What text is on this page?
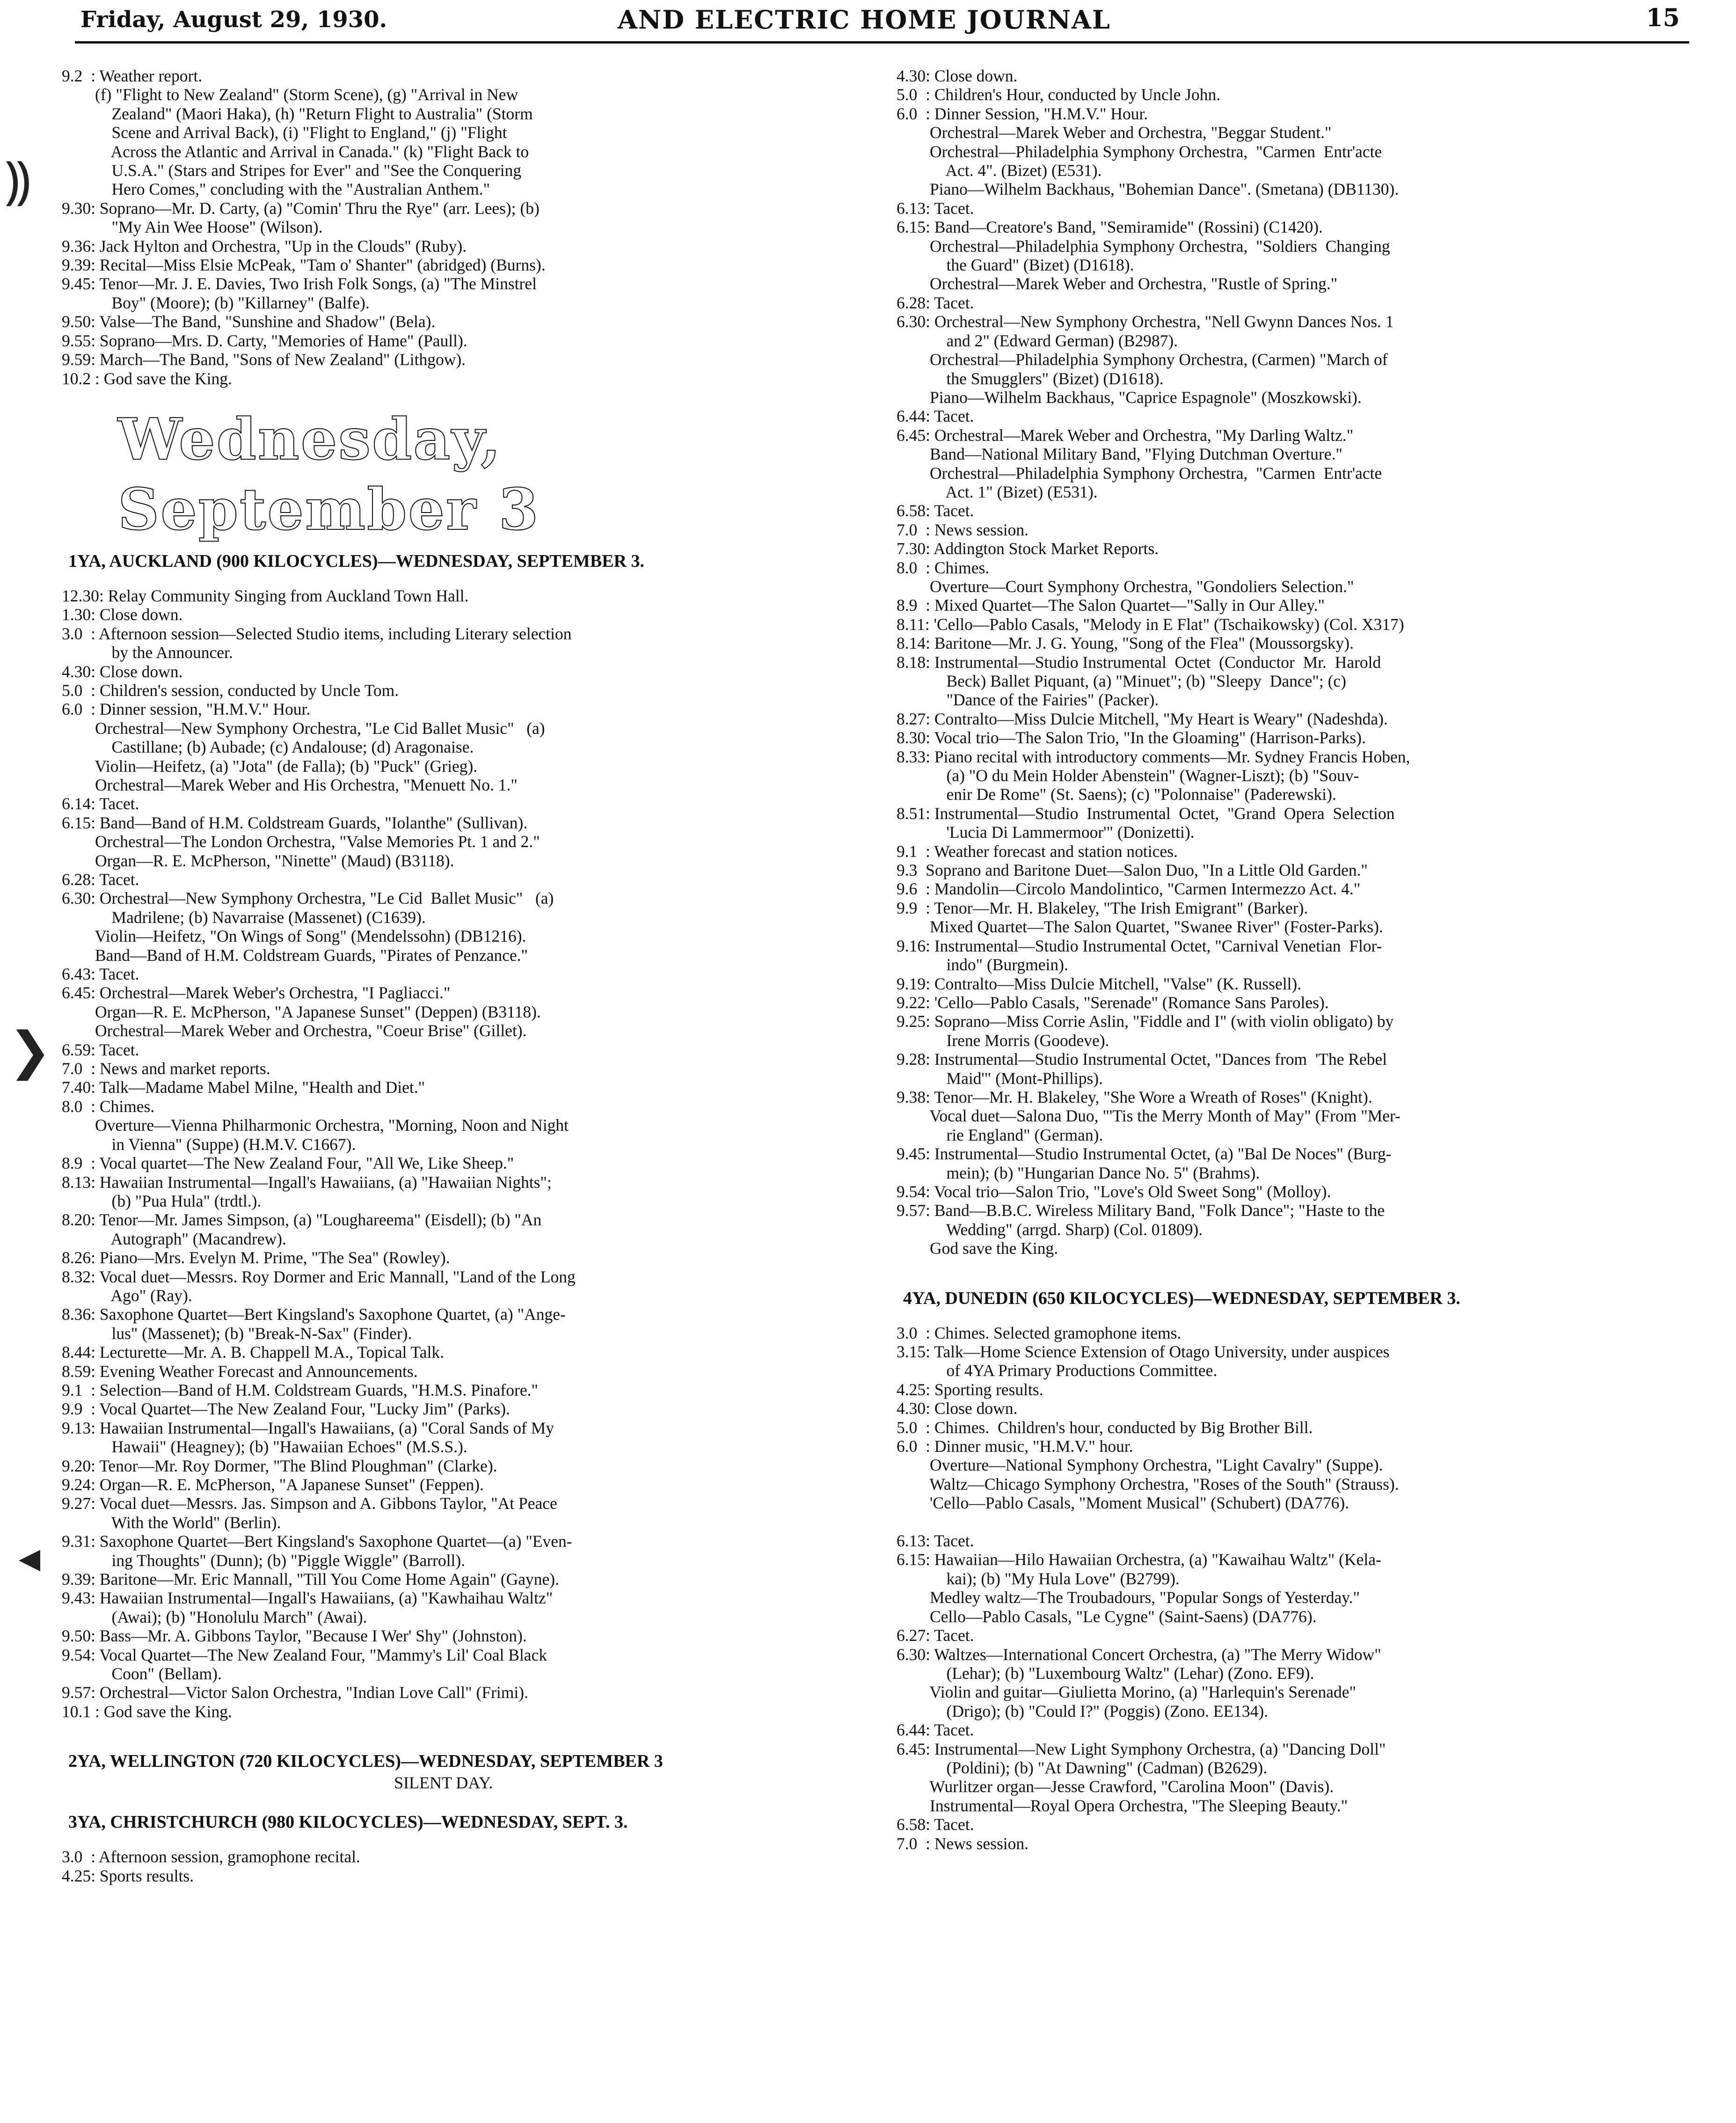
Friday, August 29, 1930.	AND ELECTRIC HOME JOURNAL	15
⸩
❯
◀
9.2  : Weather report.
(f) "Flight to New Zealand" (Storm Scene), (g) "Arrival in New
Zealand" (Maori Haka), (h) "Return Flight to Australia" (Storm
Scene and Arrival Back), (i) "Flight to England," (j) "Flight
Across the Atlantic and Arrival in Canada." (k) "Flight Back to
U.S.A." (Stars and Stripes for Ever" and "See the Conquering
Hero Comes," concluding with the "Australian Anthem."
9.30: Soprano—Mr. D. Carty, (a) "Comin' Thru the Rye" (arr. Lees); (b)
"My Ain Wee Hoose" (Wilson).
9.36: Jack Hylton and Orchestra, "Up in the Clouds" (Ruby).
9.39: Recital—Miss Elsie McPeak, "Tam o' Shanter" (abridged) (Burns).
9.45: Tenor—Mr. J. E. Davies, Two Irish Folk Songs, (a) "The Minstrel
Boy" (Moore); (b) "Killarney" (Balfe).
9.50: Valse—The Band, "Sunshine and Shadow" (Bela).
9.55: Soprano—Mrs. D. Carty, "Memories of Hame" (Paull).
9.59: March—The Band, "Sons of New Zealand" (Lithgow).
10.2 : God save the King.
Wednesday, September 3
1YA, AUCKLAND (900 KILOCYCLES)—WEDNESDAY, SEPTEMBER 3.
12.30: Relay Community Singing from Auckland Town Hall.
1.30: Close down.
3.0  : Afternoon session—Selected Studio items, including Literary selection
by the Announcer.
4.30: Close down.
5.0  : Children's session, conducted by Uncle Tom.
6.0  : Dinner session, "H.M.V." Hour.
Orchestral—New Symphony Orchestra, "Le Cid Ballet Music"   (a)
Castillane; (b) Aubade; (c) Andalouse; (d) Aragonaise.
Violin—Heifetz, (a) "Jota" (de Falla); (b) "Puck" (Grieg).
Orchestral—Marek Weber and His Orchestra, "Menuett No. 1."
6.14: Tacet.
6.15: Band—Band of H.M. Coldstream Guards, "Iolanthe" (Sullivan).
Orchestral—The London Orchestra, "Valse Memories Pt. 1 and 2."
Organ—R. E. McPherson, "Ninette" (Maud) (B3118).
6.28: Tacet.
6.30: Orchestral—New Symphony Orchestra, "Le Cid  Ballet Music"   (a)
Madrilene; (b) Navarraise (Massenet) (C1639).
Violin—Heifetz, "On Wings of Song" (Mendelssohn) (DB1216).
Band—Band of H.M. Coldstream Guards, "Pirates of Penzance."
6.43: Tacet.
6.45: Orchestral—Marek Weber's Orchestra, "I Pagliacci."
Organ—R. E. McPherson, "A Japanese Sunset" (Deppen) (B3118).
Orchestral—Marek Weber and Orchestra, "Coeur Brise" (Gillet).
6.59: Tacet.
7.0  : News and market reports.
7.40: Talk—Madame Mabel Milne, "Health and Diet."
8.0  : Chimes.
Overture—Vienna Philharmonic Orchestra, "Morning, Noon and Night
in Vienna" (Suppe) (H.M.V. C1667).
8.9  : Vocal quartet—The New Zealand Four, "All We, Like Sheep."
8.13: Hawaiian Instrumental—Ingall's Hawaiians, (a) "Hawaiian Nights";
(b) "Pua Hula" (trdtl.).
8.20: Tenor—Mr. James Simpson, (a) "Loughareema" (Eisdell); (b) "An
Autograph" (Macandrew).
8.26: Piano—Mrs. Evelyn M. Prime, "The Sea" (Rowley).
8.32: Vocal duet—Messrs. Roy Dormer and Eric Mannall, "Land of the Long
Ago" (Ray).
8.36: Saxophone Quartet—Bert Kingsland's Saxophone Quartet, (a) "Ange-
lus" (Massenet); (b) "Break-N-Sax" (Finder).
8.44: Lecturette—Mr. A. B. Chappell M.A., Topical Talk.
8.59: Evening Weather Forecast and Announcements.
9.1  : Selection—Band of H.M. Coldstream Guards, "H.M.S. Pinafore."
9.9  : Vocal Quartet—The New Zealand Four, "Lucky Jim" (Parks).
9.13: Hawaiian Instrumental—Ingall's Hawaiians, (a) "Coral Sands of My
Hawaii" (Heagney); (b) "Hawaiian Echoes" (M.S.S.).
9.20: Tenor—Mr. Roy Dormer, "The Blind Ploughman" (Clarke).
9.24: Organ—R. E. McPherson, "A Japanese Sunset" (Feppen).
9.27: Vocal duet—Messrs. Jas. Simpson and A. Gibbons Taylor, "At Peace
With the World" (Berlin).
9.31: Saxophone Quartet—Bert Kingsland's Saxophone Quartet—(a) "Even-
ing Thoughts" (Dunn); (b) "Piggle Wiggle" (Barroll).
9.39: Baritone—Mr. Eric Mannall, "Till You Come Home Again" (Gayne).
9.43: Hawaiian Instrumental—Ingall's Hawaiians, (a) "Kawhaihau Waltz"
(Awai); (b) "Honolulu March" (Awai).
9.50: Bass—Mr. A. Gibbons Taylor, "Because I Wer' Shy" (Johnston).
9.54: Vocal Quartet—The New Zealand Four, "Mammy's Lil' Coal Black
Coon" (Bellam).
9.57: Orchestral—Victor Salon Orchestra, "Indian Love Call" (Frimi).
10.1 : God save the King.
2YA, WELLINGTON (720 KILOCYCLES)—WEDNESDAY, SEPTEMBER 3
SILENT DAY.
3YA, CHRISTCHURCH (980 KILOCYCLES)—WEDNESDAY, SEPT. 3.
3.0  : Afternoon session, gramophone recital.
4.25: Sports results.
4.30: Close down.
5.0  : Children's Hour, conducted by Uncle John.
6.0  : Dinner Session, "H.M.V." Hour.
Orchestral—Marek Weber and Orchestra, "Beggar Student."
Orchestral—Philadelphia Symphony Orchestra,  "Carmen  Entr'acte
Act. 4". (Bizet) (E531).
Piano—Wilhelm Backhaus, "Bohemian Dance". (Smetana) (DB1130).
6.13: Tacet.
6.15: Band—Creatore's Band, "Semiramide" (Rossini) (C1420).
Orchestral—Philadelphia Symphony Orchestra,  "Soldiers  Changing
the Guard" (Bizet) (D1618).
Orchestral—Marek Weber and Orchestra, "Rustle of Spring."
6.28: Tacet.
6.30: Orchestral—New Symphony Orchestra, "Nell Gwynn Dances Nos. 1
and 2" (Edward German) (B2987).
Orchestral—Philadelphia Symphony Orchestra, (Carmen) "March of
the Smugglers" (Bizet) (D1618).
Piano—Wilhelm Backhaus, "Caprice Espagnole" (Moszkowski).
6.44: Tacet.
6.45: Orchestral—Marek Weber and Orchestra, "My Darling Waltz."
Band—National Military Band, "Flying Dutchman Overture."
Orchestral—Philadelphia Symphony Orchestra,  "Carmen  Entr'acte
Act. 1" (Bizet) (E531).
6.58: Tacet.
7.0  : News session.
7.30: Addington Stock Market Reports.
8.0  : Chimes.
Overture—Court Symphony Orchestra, "Gondoliers Selection."
8.9  : Mixed Quartet—The Salon Quartet—"Sally in Our Alley."
8.11: 'Cello—Pablo Casals, "Melody in E Flat" (Tschaikowsky) (Col. X317)
8.14: Baritone—Mr. J. G. Young, "Song of the Flea" (Moussorgsky).
8.18: Instrumental—Studio Instrumental  Octet  (Conductor  Mr.  Harold
Beck) Ballet Piquant, (a) "Minuet"; (b) "Sleepy  Dance"; (c)
"Dance of the Fairies" (Packer).
8.27: Contralto—Miss Dulcie Mitchell, "My Heart is Weary" (Nadeshda).
8.30: Vocal trio—The Salon Trio, "In the Gloaming" (Harrison-Parks).
8.33: Piano recital with introductory comments—Mr. Sydney Francis Hoben,
(a) "O du Mein Holder Abenstein" (Wagner-Liszt); (b) "Souv-
enir De Rome" (St. Saens); (c) "Polonnaise" (Paderewski).
8.51: Instrumental—Studio  Instrumental  Octet,  "Grand  Opera  Selection
'Lucia Di Lammermoor'" (Donizetti).
9.1  : Weather forecast and station notices.
9.3  Soprano and Baritone Duet—Salon Duo, "In a Little Old Garden."
9.6  : Mandolin—Circolo Mandolintico, "Carmen Intermezzo Act. 4."
9.9  : Tenor—Mr. H. Blakeley, "The Irish Emigrant" (Barker).
Mixed Quartet—The Salon Quartet, "Swanee River" (Foster-Parks).
9.16: Instrumental—Studio Instrumental Octet, "Carnival Venetian  Flor-
indo" (Burgmein).
9.19: Contralto—Miss Dulcie Mitchell, "Valse" (K. Russell).
9.22: 'Cello—Pablo Casals, "Serenade" (Romance Sans Paroles).
9.25: Soprano—Miss Corrie Aslin, "Fiddle and I" (with violin obligato) by
Irene Morris (Goodeve).
9.28: Instrumental—Studio Instrumental Octet, "Dances from  'The Rebel
Maid'" (Mont-Phillips).
9.38: Tenor—Mr. H. Blakeley, "She Wore a Wreath of Roses" (Knight).
Vocal duet—Salona Duo, "'Tis the Merry Month of May" (From "Mer-
rie England" (German).
9.45: Instrumental—Studio Instrumental Octet, (a) "Bal De Noces" (Burg-
mein); (b) "Hungarian Dance No. 5" (Brahms).
9.54: Vocal trio—Salon Trio, "Love's Old Sweet Song" (Molloy).
9.57: Band—B.B.C. Wireless Military Band, "Folk Dance"; "Haste to the
Wedding" (arrgd. Sharp) (Col. 01809).
God save the King.
4YA, DUNEDIN (650 KILOCYCLES)—WEDNESDAY, SEPTEMBER 3.
3.0  : Chimes. Selected gramophone items.
3.15: Talk—Home Science Extension of Otago University, under auspices
of 4YA Primary Productions Committee.
4.25: Sporting results.
4.30: Close down.
5.0  : Chimes.  Children's hour, conducted by Big Brother Bill.
6.0  : Dinner music, "H.M.V." hour.
Overture—National Symphony Orchestra, "Light Cavalry" (Suppe).
Waltz—Chicago Symphony Orchestra, "Roses of the South" (Strauss).
'Cello—Pablo Casals, "Moment Musical" (Schubert) (DA776).

6.13: Tacet.
6.15: Hawaiian—Hilo Hawaiian Orchestra, (a) "Kawaihau Waltz" (Kela-
kai); (b) "My Hula Love" (B2799).
Medley waltz—The Troubadours, "Popular Songs of Yesterday."
Cello—Pablo Casals, "Le Cygne" (Saint-Saens) (DA776).
6.27: Tacet.
6.30: Waltzes—International Concert Orchestra, (a) "The Merry Widow"
(Lehar); (b) "Luxembourg Waltz" (Lehar) (Zono. EF9).
Violin and guitar—Giulietta Morino, (a) "Harlequin's Serenade"
(Drigo); (b) "Could I?" (Poggis) (Zono. EE134).
6.44: Tacet.
6.45: Instrumental—New Light Symphony Orchestra, (a) "Dancing Doll"
(Poldini); (b) "At Dawning" (Cadman) (B2629).
Wurlitzer organ—Jesse Crawford, "Carolina Moon" (Davis).
Instrumental—Royal Opera Orchestra, "The Sleeping Beauty."
6.58: Tacet.
7.0  : News session.
